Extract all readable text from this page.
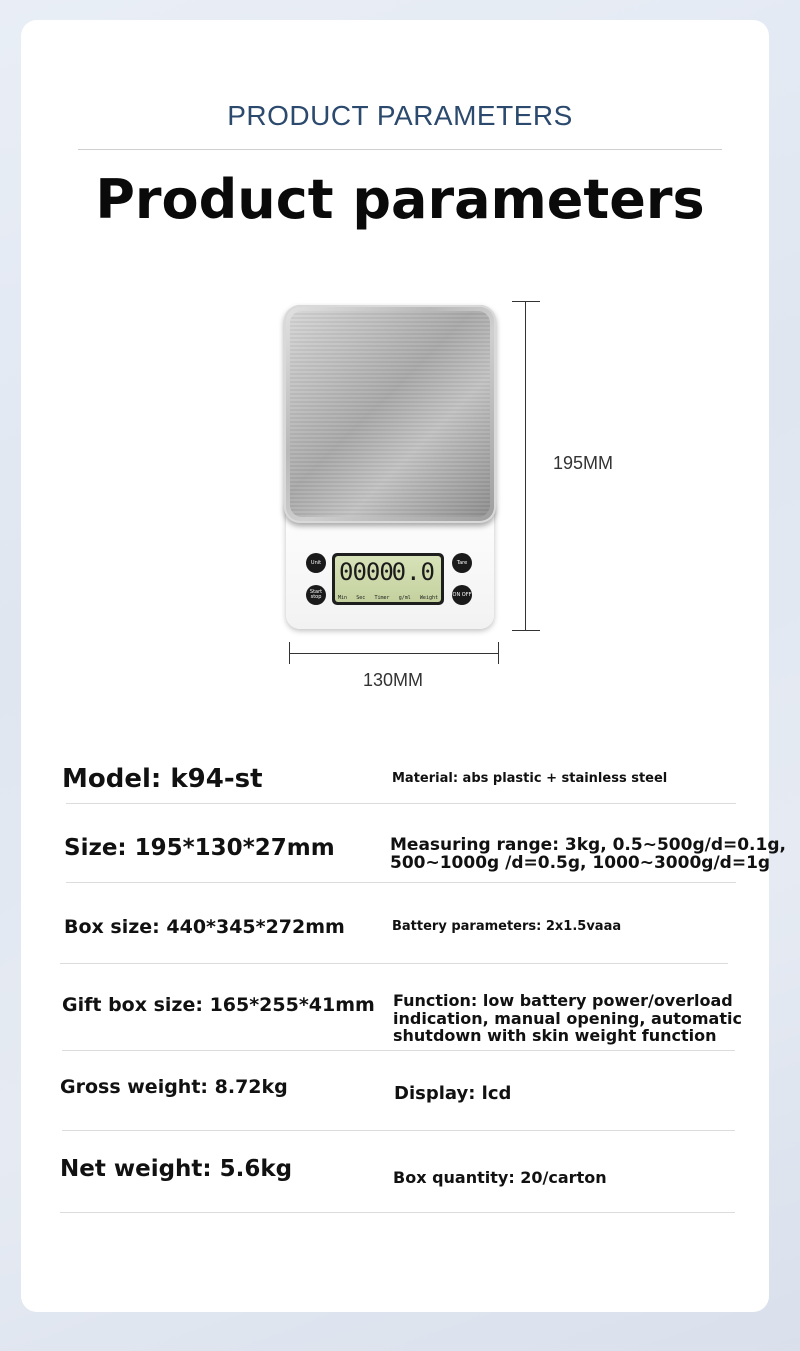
PRODUCT PARAMETERS
Product parameters
0000
0.0
Min Sec Timer g/ml Weight
Unit
Start stop
Tare
ON OFF
195MM
130MM
Model: k94-st	Material: abs plastic + stainless steel
Size: 195*130*27mm	Measuring range: 3kg, 0.5~500g/d=0.1g,
500~1000g /d=0.5g, 1000~3000g/d=1g
Box size: 440*345*272mm	Battery parameters: 2x1.5vaaa
Gift box size: 165*255*41mm Function: low battery power/overload
indication, manual opening, automatic
shutdown with skin weight function
Gross weight: 8.72kg	Display: lcd
Net weight: 5.6kg	Box quantity: 20/carton
